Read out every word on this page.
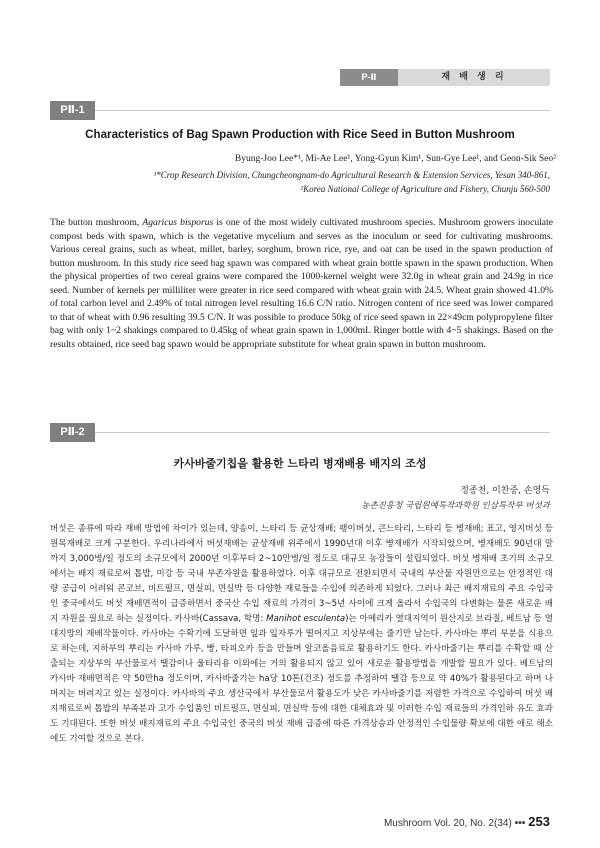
P-Ⅱ	재 배 생 리
PⅡ-1
Characteristics of Bag Spawn Production with Rice Seed in Button Mushroom
Byung-Joo Lee*¹, Mi-Ae Lee¹, Yong-Gyun Kim¹, Sun-Gye Lee¹, and Geon-Sik Seo²
¹*Crop Research Division, Chungcheongnam-do Agricultural Research & Extension Services, Yesan 340-861,
²Korea National College of Agriculture and Fishery, Chunju 560-500
The button mushroom, Agaricus bisporus is one of the most widely cultivated mushroom species. Mushroom growers inoculate compost beds with spawn, which is the vegetative mycelium and serves as the inoculum or seed for cultivating mushrooms. Various cereal grains, such as wheat, millet, barley, sorghum, brown rice, rye, and oat can be used in the spawn production of button mushroom. In this study rice seed bag spawn was compared with wheat grain bottle spawn in the spawn production. When the physical properties of two cereal grains were compared the 1000-kernel weight were 32.0g in wheat grain and 24.9g in rice seed. Number of kernels per milliliter were greater in rice seed compared with wheat grain with 24.5. Wheat grain showed 41.0% of total carbon level and 2.49% of total nitrogen level resulting 16.6 C/N ratio. Nitrogen content of rice seed was lower compared to that of wheat with 0.96 resulting 39.5 C/N. It was possible to produce 50kg of rice seed spawn in 22×49cm polypropylene filter bag with only 1~2 shakings compared to 0.45kg of wheat grain spawn in 1,000mL Ringer bottle with 4~5 shakings. Based on the results obtained, rice seed bag spawn would be appropriate substitute for wheat grain spawn in button mushroom.
PⅡ-2
카사바줄기칩을 활용한 느타리 병재배용 배지의 조성
정종천, 이찬중, 손영득
농촌진흥청 국립원예특작과학원 인삼특작부 버섯과
버섯은 종류에 따라 재배 방법에 차이가 있는데, 양송이, 느타리 등 균상재배; 팽이버섯, 큰느타리, 느타리 등 병재배; 표고, 영지버섯 등 원목재배로 크게 구분한다. 우리나라에서 버섯재배는 균상재배 위주에서 1990년대 이후 병재배가 시작되었으며, 병재배도 90년대 말까지 3,000병/일 정도의 소규모에서 2000년 이후부터 2~10만병/일 정도로 대규모 농장들이 설립되었다. 버섯 병재배 초기의 소규모에서는 배지 재료로써 톱밥, 미강 등 국내 부존자원을 활용하였다. 이후 대규모로 전환되면서 국내의 부산물 자원만으로는 안정적인 대량 공급이 어려워 콘코브, 비트펄프, 면실피, 면실박 등 다양한 재료들을 수입에 의존하게 되었다. 그러나 최근 배지재료의 주요 수입국인 중국에서도 버섯 재배면적이 급증하면서 중국산 수입 재료의 가격이 3~5년 사이에 크게 올라서 수입국의 다변화는 물론 새로운 배지 자원을 필요로 하는 실정이다. 카사바(Cassava, 학명: Manihot esculenta)는 아메리카 열대지역이 원산지로 브라질, 베트남 등 열대지방의 재배작물이다. 카사바는 수확기에 도달하면 잎과 잎자루가 떨어지고 지상부에는 줄기만 남는다. 카사바는 뿌리 부분을 식용으로 하는데, 지하부의 뿌리는 카사바 가루, 빵, 타피오카 등을 만들며 알코올음료로 활용하기도 한다. 카사바줄기는 뿌리를 수확할 때 산출되는 지상부의 부산물로서 땔감이나 울타리용 이외에는 거의 활용되지 않고 있어 새로운 활용방법을 개발할 필요가 있다. 베트남의 카사바 재배면적은 약 50만ha 정도이며, 카사바줄기는 ha당 10톤(건조) 정도를 추정하여 땔감 등으로 약 40%가 활용된다고 하며 나머지는 버려지고 있는 실정이다. 카사바의 주요 생산국에서 부산물로서 활용도가 낮은 카사바줄기를 저렴한 가격으로 수입하여 버섯 배지재료로써 톱밥의 부족분과 고가 수입품인 비트펄프, 면실피, 면실박 등에 대한 대체효과 및 이러한 수입 재료들의 가격인하 유도 효과도 기대된다. 또한 버섯 배지재료의 주요 수입국인 중국의 버섯 재배 급증에 따른 가격상승과 안정적인 수입물량 확보에 대한 애로 해소에도 기여할 것으로 본다.
Mushroom Vol. 20, No. 2(34) ••• 253
